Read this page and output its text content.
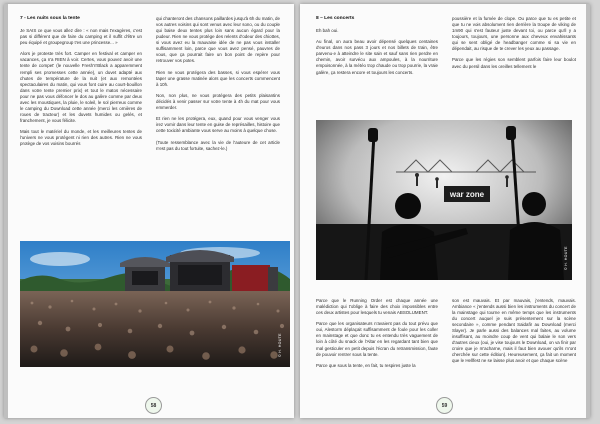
7 - Les nuits sous la tente

Je SAIS ce que vous allez dire : « non mais t'exagères, c'est pas si différent que de faire du camping et il suffit d'être un peu équipé et groupegroup t'es une princesse... »

Alors je proteste très fort. Camper en festival et camper en vacances, ça n'a RIEN à voir. Certes, vous pouvez avoir une tente de compet' (le nouvelle Fresh'n'Black a apparemment rempli ses promesses cette année), un duvet adapté aux chutes de température de la nuit (et aux remontées spectaculaires du matin, qui vous font cuire au court-bouillon dans votre tente premier prix) et tout le matos nécessaire pour ne pas vous défoncer le dos au galère comme par deux avec les moustiques, la pluie, le soleil, le sol pierreux comme le camping du Download cette année (merci les ornières de roues de tracteur) et les duvets humides ou gelés, et franchement, je vous félicite.

Mais tout le matériel du monde, et les meilleures tentes de l'univers ne vous protègent ni rien des autres. Rien ne vous protège de vos voisins bourrés

qui chanteront des chansons paillardes jusqu'à 6h du matin, de vos autres voisins qui sont venus avec leur sono, ou du couple qui baise deux tentes plus loin sans aucun égard pour la pudeur. Rien ne vous protège des relents d'odeur des chiottes, si vous avez eu la mauvaise idée de ne pas vous installer suffisamment loin, parce que vous avez pensé, pauvres de vous, que ça pourrait faire un bon point de repère pour retrouver vos potes.

Rien ne vous protégera des basses, si vous espérer vous taper une grasse matinée alors que les concerts commencent à 10h.

Non, non plus, ne vous protégera des petits plaisantins décidés à venir passer sur votre tente à 4h du mat pour vous emmerder.

Et rien ne les protégera, eux, quand pour vous venger vous irez vomir dans leur tente en guise de représailles, histoire que cette toxicité ambiante vous serve au moins à quelque chose.

(Toute ressemblance avec la vie de l'auteure de cet article n'est pas du tout fortuite, sachez-le.)

© H. HOUTE
58
8 – Les concerts

Eh bah oui.

Au final, on aura beau avoir dépensé quelques centaines d'euros dans nos pass 3 jours et nos billets de train, être parvenu·e à atteindre le site sain et sauf sans rien perdre en chemin, avoir survécu aux ampoules, à la nourriture empoisonnée, à la météo trop chaude ou trop pourrie, la vraie galère, ça restera encore et toujours les concerts.

poussière et la fumée de clope. Ou parce que tu es petite et que tu ne vois absolument rien derrière la troupe de viking de 1m90 qui s'est fauteur juste devant toi, ou parce qu'il y a toujours, toujours, une personne aux cheveux envahissants qui se sent obligé de headbanger comme si sa vie en dépendait, au risque de te crever les yeux au passage.

Parce que les régies son semblent parfois faire leur boulot avec du persil dans les oreilles tellement le

war zone
© H. HOUTE

Parce que le Running Order est chaque année une malédiction qui t'oblige à faire des choix impossibles entre ces deux artistes pour lesquels tu venais ABSOLUMENT.

Parce que les organisateurs n'avaient pas du tout prévu que oui, Alestorm déplaçait suffisamment de foule pour les coller en mainstage et que donc tu es entendu très vaguement de loin à côté du snack de l'Altar en les regardant tant bien que mal gesticuler en petit depuis l'écran du retransmission, faute de pouvoir rentrer sous la tente.

Parce que sous la tente, en fait, tu respires juste la

son est mauvais. Et par mauvais, j'entends, mauvais. Ambiance « j'entends aussi bien les instruments du concert de la mainstage qui tourne en même temps que les instruments du concert auquel je suis présentement sur la scène secondaire », comme pendant Saidafir au Download (merci Slayer). Je parle aussi des balances mal faites, au volume insuffisant, au moindre coup de vent qui balaie le son vers d'autres cieux (oui, je vise toujours le Download, on va finir par croire que je m'acharne, mais il faut bien avouer qu'ils m'ont cherchée sur cette édition). Heureusement, ça fait un moment que le Hellfest ne se laisse plus avoir et que chaque scène

59
